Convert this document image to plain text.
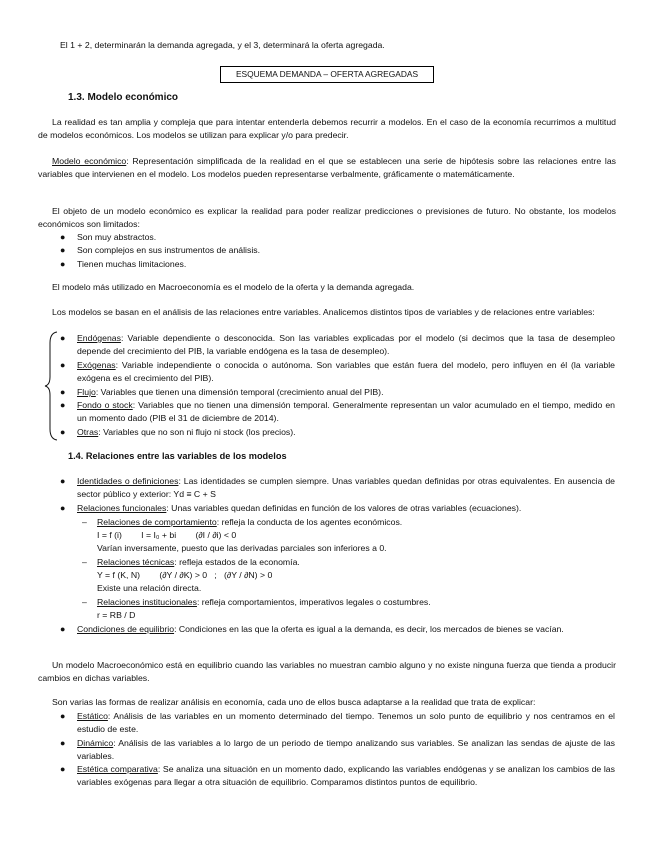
El 1 + 2, determinarán la demanda agregada, y el 3, determinará la oferta agregada.

ESQUEMA DEMANDA – OFERTA AGREGADAS
1.3. Modelo económico

La realidad es tan amplia y compleja que para intentar entenderla debemos recurrir a modelos. En el caso de la economía recurrimos a multitud de modelos económicos. Los modelos se utilizan para explicar y/o para predecir.

Modelo económico: Representación simplificada de la realidad en el que se establecen una serie de hipótesis sobre las relaciones entre las variables que intervienen en el modelo. Los modelos pueden representarse verbalmente, gráficamente o matemáticamente.

El objeto de un modelo económico es explicar la realidad para poder realizar predicciones o previsiones de futuro. No obstante, los modelos económicos son limitados:

● Son muy abstractos.
● Son complejos en sus instrumentos de análisis.
● Tienen muchas limitaciones.

El modelo más utilizado en Macroeconomía es el modelo de la oferta y la demanda agregada.

Los modelos se basan en el análisis de las relaciones entre variables. Analicemos distintos tipos de variables y de relaciones entre variables:

● Endógenas: Variable dependiente o desconocida. Son las variables explicadas por el modelo (si decimos que la tasa de desempleo depende del crecimiento del PIB, la variable endógena es la tasa de desempleo).
● Exógenas: Variable independiente o conocida o autónoma. Son variables que están fuera del modelo, pero influyen en él (la variable exógena es el crecimiento del PIB).
● Flujo: Variables que tienen una dimensión temporal (crecimiento anual del PIB).
● Fondo o stock: Variables que no tienen una dimensión temporal. Generalmente representan un valor acumulado en el tiempo, medido en un momento dado (PIB el 31 de diciembre de 2014).
● Otras: Variables que no son ni flujo ni stock (los precios).
1.4. Relaciones entre las variables de los modelos
● Identidades o definiciones: Las identidades se cumplen siempre. Unas variables quedan definidas por otras equivalentes. En ausencia de sector público y exterior: Yd ≡ C + S
● Relaciones funcionales: Unas variables quedan definidas en función de los valores de otras variables (ecuaciones).
– Relaciones de comportamiento: refleja la conducta de los agentes económicos.
I = f (i)        I = I₀ + bi        (∂I / ∂i) < 0
Varían inversamente, puesto que las derivadas parciales son inferiores a 0.
– Relaciones técnicas: refleja estados de la economía.
Y = f (K, N)        (∂Y / ∂K) > 0   ;   (∂Y / ∂N) > 0
Existe una relación directa.
– Relaciones institucionales: refleja comportamientos, imperativos legales o costumbres.
r = RB / D
● Condiciones de equilibrio: Condiciones en las que la oferta es igual a la demanda, es decir, los mercados de bienes se vacían.

Un modelo Macroeconómico está en equilibrio cuando las variables no muestran cambio alguno y no existe ninguna fuerza que tienda a producir cambios en dichas variables.

Son varias las formas de realizar análisis en economía, cada uno de ellos busca adaptarse a la realidad que trata de explicar:

● Estático: Análisis de las variables en un momento determinado del tiempo. Tenemos un solo punto de equilibrio y nos centramos en el estudio de este.
● Dinámico: Análisis de las variables a lo largo de un periodo de tiempo analizando sus variables. Se analizan las sendas de ajuste de las variables.
● Estética comparativa: Se analiza una situación en un momento dado, explicando las variables endógenas y se analizan los cambios de las variables exógenas para llegar a otra situación de equilibrio. Comparamos distintos puntos de equilibrio.
